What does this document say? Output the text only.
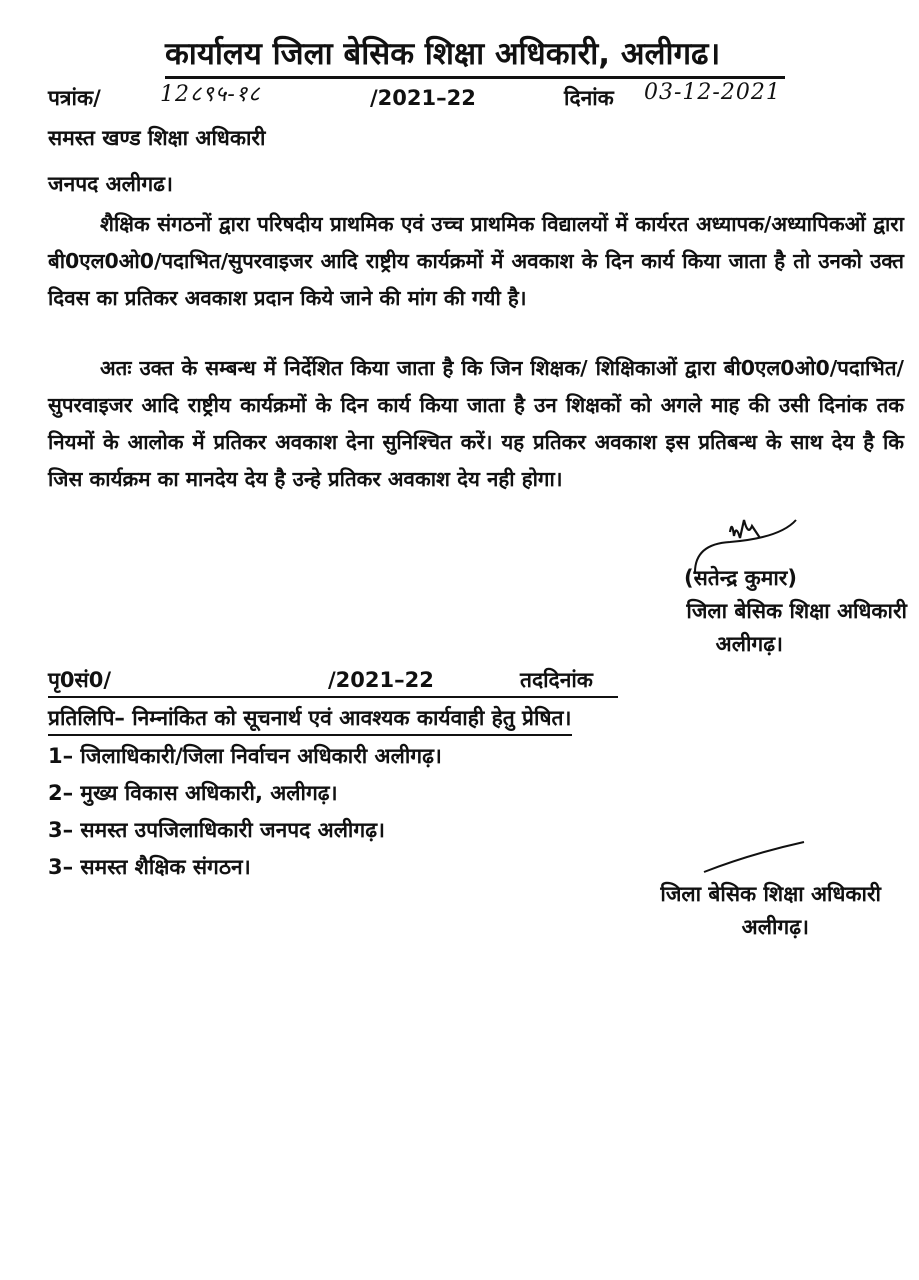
कार्यालय जिला बेसिक शिक्षा अधिकारी, अलीगढ।
पत्रांक/	12८९५-१८	/2021–22	दिनांक 03-12-2021
समस्त खण्ड शिक्षा अधिकारी
जनपद अलीगढ।

शैक्षिक संगठनों द्वारा परिषदीय प्राथमिक एवं उच्च प्राथमिक विद्यालयों में कार्यरत अध्यापक/अध्यापिकओं द्वारा बी0एल0ओ0/पदाभित/सुपरवाइजर आदि राष्ट्रीय कार्यक्रमों में अवकाश के दिन कार्य किया जाता है तो उनको उक्त दिवस का प्रतिकर अवकाश प्रदान किये जाने की मांग की गयी है।

अतः उक्त के सम्बन्ध में निर्देशित किया जाता है कि जिन शिक्षक/ शिक्षिकाओं द्वारा बी0एल0ओ0/पदाभित/सुपरवाइजर आदि राष्ट्रीय कार्यक्रमों के दिन कार्य किया जाता है उन शिक्षकों को अगले माह की उसी दिनांक तक नियमों के आलोक में प्रतिकर अवकाश देना सुनिश्चित करें। यह प्रतिकर अवकाश इस प्रतिबन्ध के साथ देय है कि जिस कार्यक्रम का मानदेय देय है उन्हे प्रतिकर अवकाश देय नही होगा।

(सतेन्द्र कुमार)
जिला बेसिक शिक्षा अधिकारी
अलीगढ़।
पृ0सं0/	/2021–22	तददिनांक
प्रतिलिपि– निम्नांकित को सूचनार्थ एवं आवश्यक कार्यवाही हेतु प्रेषित।
1– जिलाधिकारी/जिला निर्वाचन अधिकारी अलीगढ़।
2– मुख्य विकास अधिकारी, अलीगढ़।
3– समस्त उपजिलाधिकारी जनपद अलीगढ़।
3– समस्त शैक्षिक संगठन।
जिला बेसिक शिक्षा अधिकारी
अलीगढ़।
